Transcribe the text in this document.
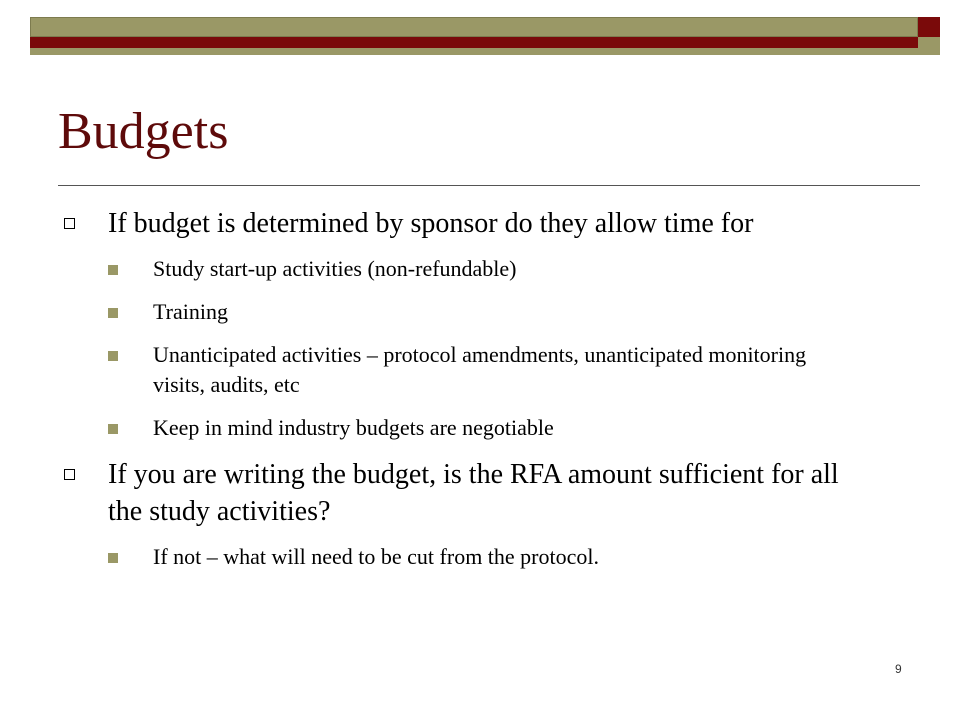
Budgets
If budget is determined by sponsor do they allow time for
Study start-up activities (non-refundable)
Training
Unanticipated activities – protocol amendments, unanticipated monitoring visits, audits, etc
Keep in mind industry budgets are negotiable
If you are writing the budget, is the RFA amount sufficient for all the study activities?
If not – what will need to be cut from the protocol.
9
